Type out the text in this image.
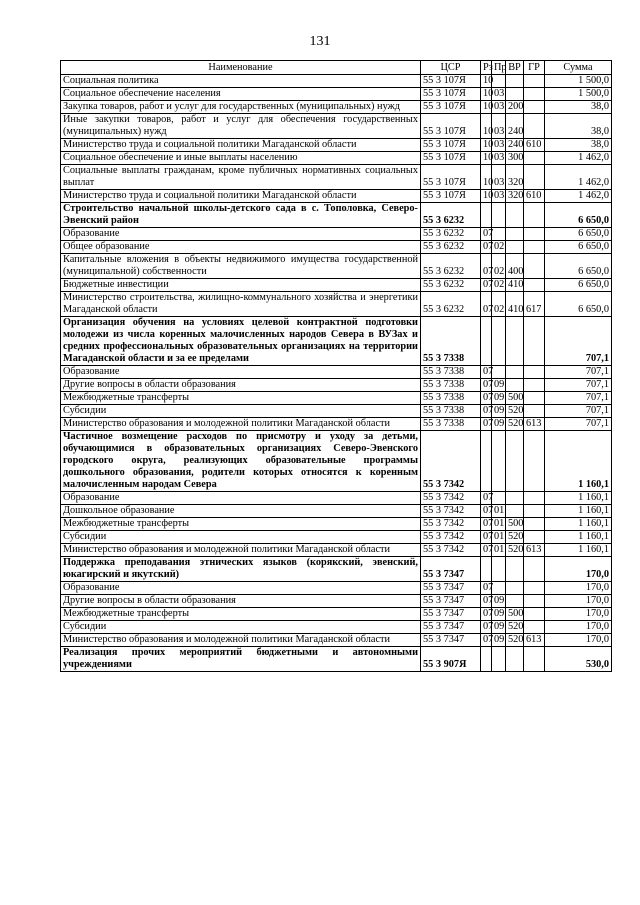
131
Наименование	ЦСР	Рз	Пр	ВР	ГР	Сумма
Социальная политика	55 3 107Я	10				1 500,0
Социальное обеспечение населения	55 3 107Я	10	03			1 500,0
Закупка товаров, работ и услуг для государственных (муниципальных) нужд	55 3 107Я	10	03	200		38,0
Иные закупки товаров, работ и услуг для обеспечения государственных (муниципальных) нужд	55 3 107Я	10	03	240		38,0
Министерство труда и социальной политики Магаданской области	55 3 107Я	10	03	240	610	38,0
Социальное обеспечение и иные выплаты населению	55 3 107Я	10	03	300		1 462,0
Социальные выплаты гражданам, кроме публичных нормативных социальных выплат	55 3 107Я	10	03	320		1 462,0
Министерство труда и социальной политики Магаданской области	55 3 107Я	10	03	320	610	1 462,0
Строительство начальной школы-детского сада в с. Тополовка, Северо-Эвенский район	55 3 6232					6 650,0
Образование	55 3 6232	07				6 650,0
Общее образование	55 3 6232	07	02			6 650,0
Капитальные вложения в объекты недвижимого имущества государственной (муниципальной) собственности	55 3 6232	07	02	400		6 650,0
Бюджетные инвестиции	55 3 6232	07	02	410		6 650,0
Министерство строительства, жилищно-коммунального хозяйства и энергетики Магаданской области	55 3 6232	07	02	410	617	6 650,0
Организация обучения на условиях целевой контрактной подготовки молодежи из числа коренных малочисленных народов Севера в ВУЗах и средних профессиональных образовательных организациях на территории Магаданской области и за ее пределами	55 3 7338					707,1
Образование	55 3 7338	07				707,1
Другие вопросы в области образования	55 3 7338	07	09			707,1
Межбюджетные трансферты	55 3 7338	07	09	500		707,1
Субсидии	55 3 7338	07	09	520		707,1
Министерство образования и молодежной политики Магаданской области	55 3 7338	07	09	520	613	707,1
Частичное возмещение расходов по присмотру и уходу за детьми, обучающимися в образовательных организациях Северо-Эвенского городского округа, реализующих образовательные программы дошкольного образования, родители которых относятся к коренным малочисленным народам Севера	55 3 7342					1 160,1
Образование	55 3 7342	07				1 160,1
Дошкольное образование	55 3 7342	07	01			1 160,1
Межбюджетные трансферты	55 3 7342	07	01	500		1 160,1
Субсидии	55 3 7342	07	01	520		1 160,1
Министерство образования и молодежной политики Магаданской области	55 3 7342	07	01	520	613	1 160,1
Поддержка преподавания этнических языков (корякский, эвенский, юкагирский и якутский)	55 3 7347					170,0
Образование	55 3 7347	07				170,0
Другие вопросы в области образования	55 3 7347	07	09			170,0
Межбюджетные трансферты	55 3 7347	07	09	500		170,0
Субсидии	55 3 7347	07	09	520		170,0
Министерство образования и молодежной политики Магаданской области	55 3 7347	07	09	520	613	170,0
Реализация прочих мероприятий бюджетными и автономными учреждениями	55 3 907Я					530,0
